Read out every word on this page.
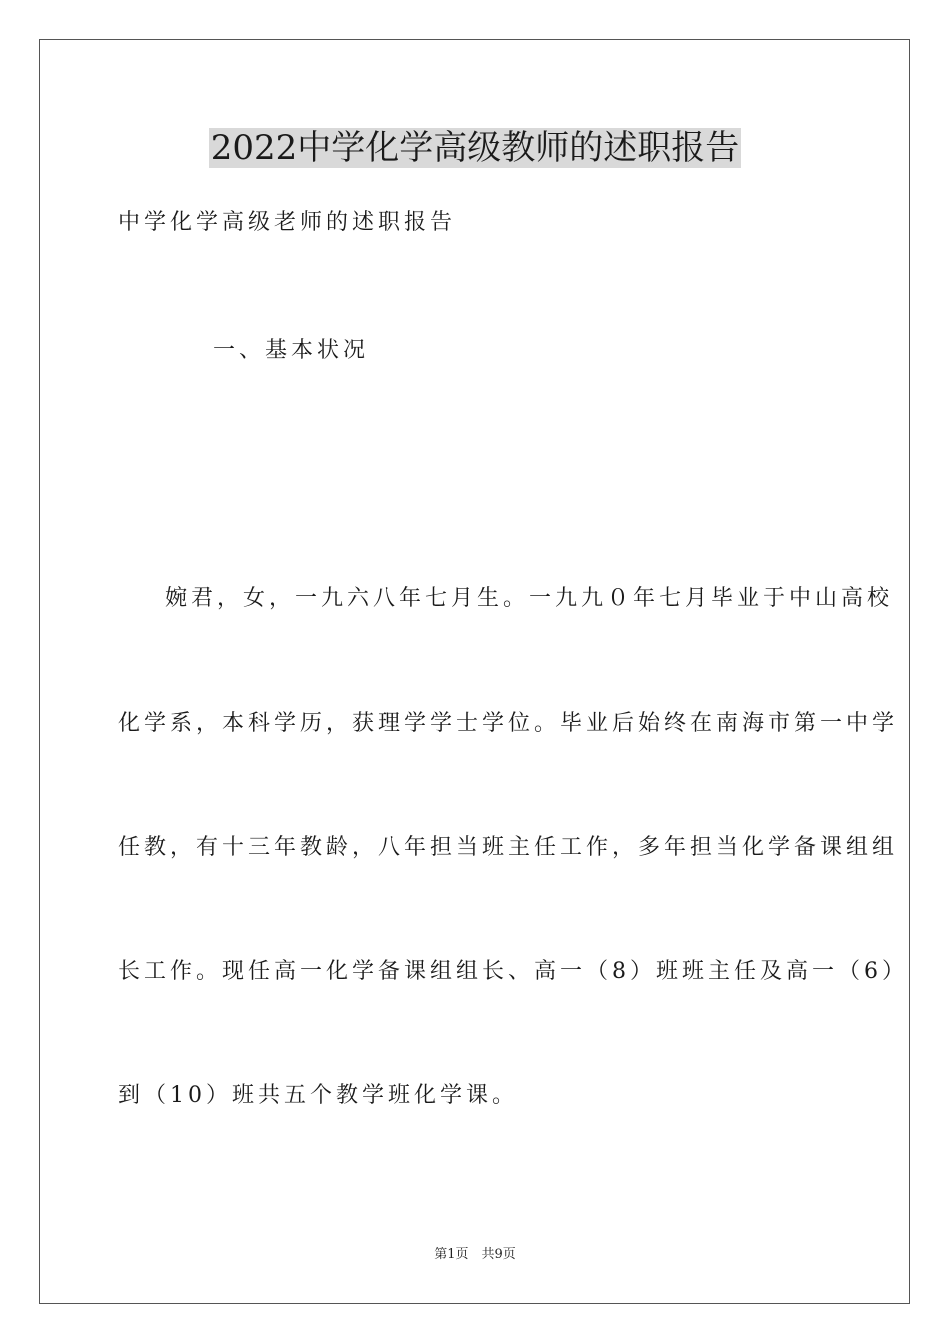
2022中学化学高级教师的述职报告
中学化学高级老师的述职报告
一、基本状况
婉君，女，一九六八年七月生。一九九０年七月毕业于中山高校
化学系，本科学历，获理学学士学位。毕业后始终在南海市第一中学
任教，有十三年教龄，八年担当班主任工作，多年担当化学备课组组
长工作。现任高一化学备课组组长、高一（8）班班主任及高一（6）
到（10）班共五个教学班化学课。
第1页　共9页
